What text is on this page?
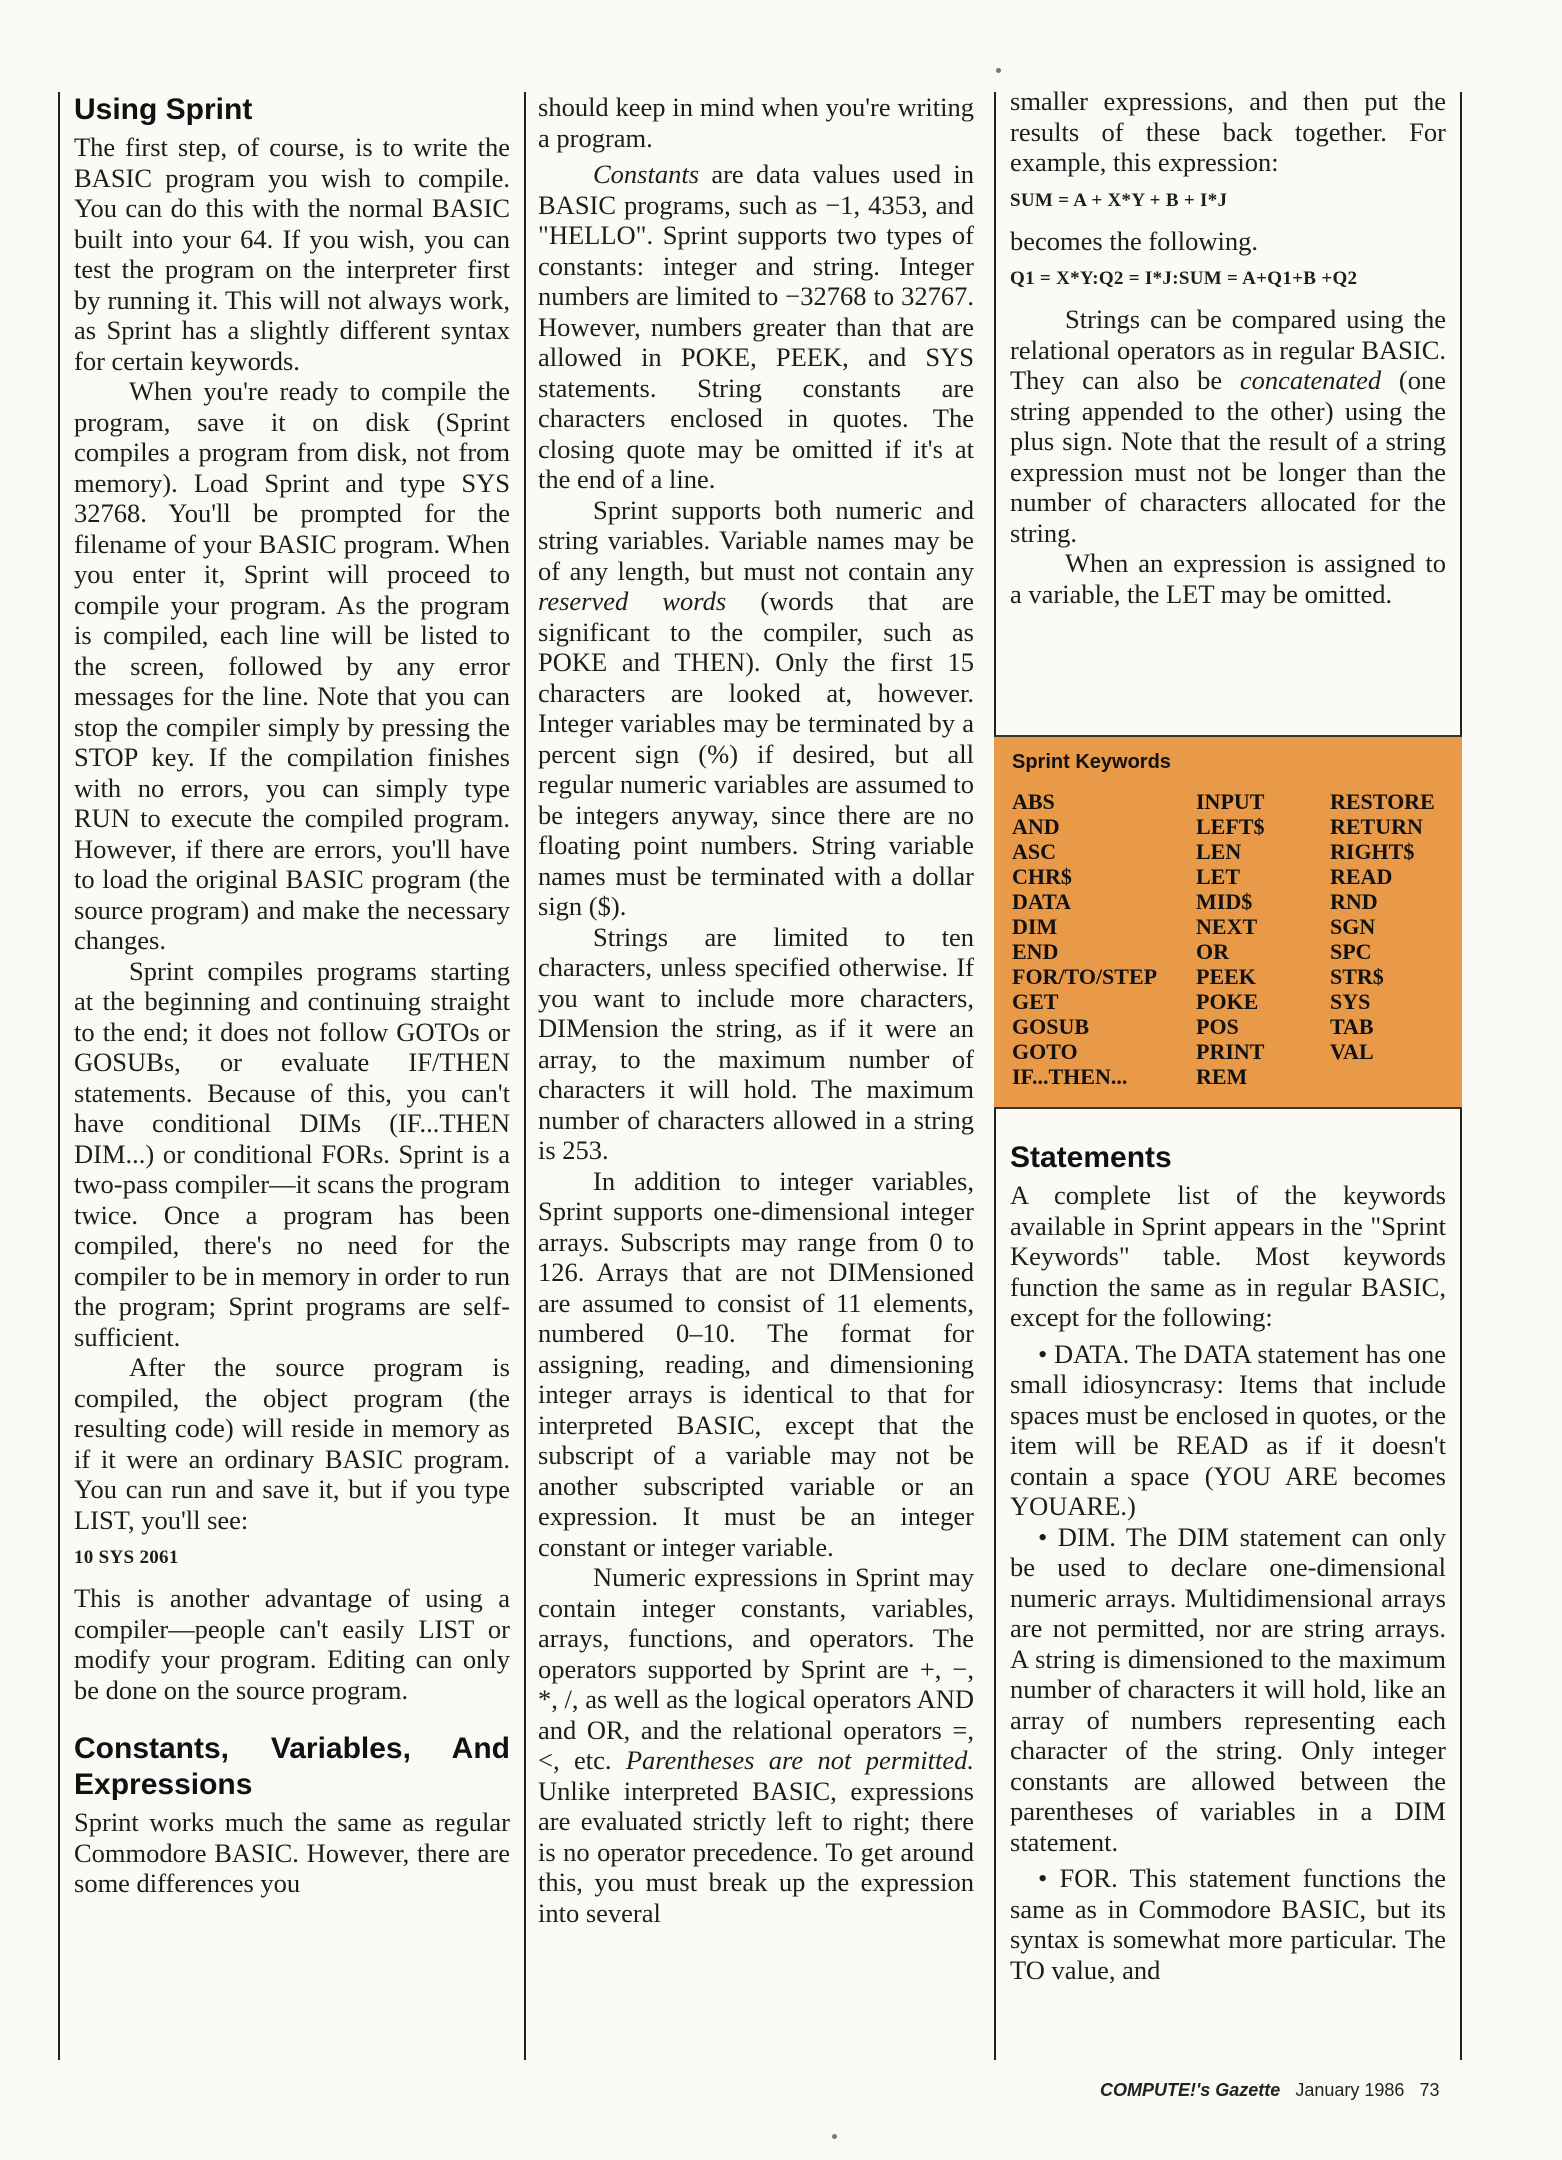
Using Sprint

The first step, of course, is to write the BASIC program you wish to compile. You can do this with the normal BASIC built into your 64. If you wish, you can test the program on the interpreter first by running it. This will not always work, as Sprint has a slightly different syntax for certain keywords.

When you're ready to compile the program, save it on disk (Sprint compiles a program from disk, not from memory). Load Sprint and type SYS 32768. You'll be prompted for the filename of your BASIC program. When you enter it, Sprint will proceed to compile your program. As the program is compiled, each line will be listed to the screen, followed by any error messages for the line. Note that you can stop the compiler simply by pressing the STOP key. If the compilation finishes with no errors, you can simply type RUN to execute the compiled program. However, if there are errors, you'll have to load the original BASIC program (the source program) and make the necessary changes.

Sprint compiles programs starting at the beginning and continuing straight to the end; it does not follow GOTOs or GOSUBs, or evaluate IF/THEN statements. Because of this, you can't have conditional DIMs (IF...THEN DIM...) or conditional FORs. Sprint is a two-pass compiler—it scans the program twice. Once a program has been compiled, there's no need for the compiler to be in memory in order to run the program; Sprint programs are self-sufficient.

After the source program is compiled, the object program (the resulting code) will reside in memory as if it were an ordinary BASIC program. You can run and save it, but if you type LIST, you'll see:

10 SYS 2061

This is another advantage of using a compiler—people can't easily LIST or modify your program. Editing can only be done on the source program.

Constants, Variables, And Expressions

Sprint works much the same as regular Commodore BASIC. However, there are some differences you

should keep in mind when you're writing a program.

Constants are data values used in BASIC programs, such as −1, 4353, and "HELLO". Sprint supports two types of constants: integer and string. Integer numbers are limited to −32768 to 32767. However, numbers greater than that are allowed in POKE, PEEK, and SYS statements. String constants are characters enclosed in quotes. The closing quote may be omitted if it's at the end of a line.

Sprint supports both numeric and string variables. Variable names may be of any length, but must not contain any reserved words (words that are significant to the compiler, such as POKE and THEN). Only the first 15 characters are looked at, however. Integer variables may be terminated by a percent sign (%) if desired, but all regular numeric variables are assumed to be integers anyway, since there are no floating point numbers. String variable names must be terminated with a dollar sign ($).

Strings are limited to ten characters, unless specified otherwise. If you want to include more characters, DIMension the string, as if it were an array, to the maximum number of characters it will hold. The maximum number of characters allowed in a string is 253.

In addition to integer variables, Sprint supports one-dimensional integer arrays. Subscripts may range from 0 to 126. Arrays that are not DIMensioned are assumed to consist of 11 elements, numbered 0–10. The format for assigning, reading, and dimensioning integer arrays is identical to that for interpreted BASIC, except that the subscript of a variable may not be another subscripted variable or an expression. It must be an integer constant or integer variable.

Numeric expressions in Sprint may contain integer constants, variables, arrays, functions, and operators. The operators supported by Sprint are +, −, *, /, as well as the logical operators AND and OR, and the relational operators =, <, etc. Parentheses are not permitted. Unlike interpreted BASIC, expressions are evaluated strictly left to right; there is no operator precedence. To get around this, you must break up the expression into several

smaller expressions, and then put the results of these back together. For example, this expression:

SUM = A + X*Y + B + I*J

becomes the following.

Q1 = X*Y:Q2 = I*J:SUM = A+Q1+B +Q2

Strings can be compared using the relational operators as in regular BASIC. They can also be concatenated (one string appended to the other) using the plus sign. Note that the result of a string expression must not be longer than the number of characters allocated for the string.

When an expression is assigned to a variable, the LET may be omitted.

Sprint Keywords
ABS
AND
ASC
CHR$
DATA
DIM
END
FOR/TO/STEP
GET
GOSUB
GOTO
IF...THEN...
INPUT
LEFT$
LEN
LET
MID$
NEXT
OR
PEEK
POKE
POS
PRINT
REM
RESTORE
RETURN
RIGHT$
READ
RND
SGN
SPC
STR$
SYS
TAB
VAL
Statements

A complete list of the keywords available in Sprint appears in the "Sprint Keywords" table. Most keywords function the same as in regular BASIC, except for the following:

• DATA. The DATA statement has one small idiosyncrasy: Items that include spaces must be enclosed in quotes, or the item will be READ as if it doesn't contain a space (YOU ARE becomes YOUARE.)

• DIM. The DIM statement can only be used to declare one-dimensional numeric arrays. Multidimensional arrays are not permitted, nor are string arrays. A string is dimensioned to the maximum number of characters it will hold, like an array of numbers representing each character of the string. Only integer constants are allowed between the parentheses of variables in a DIM statement.

• FOR. This statement functions the same as in Commodore BASIC, but its syntax is somewhat more particular. The TO value, and

COMPUTE!'s Gazette January 1986 73
